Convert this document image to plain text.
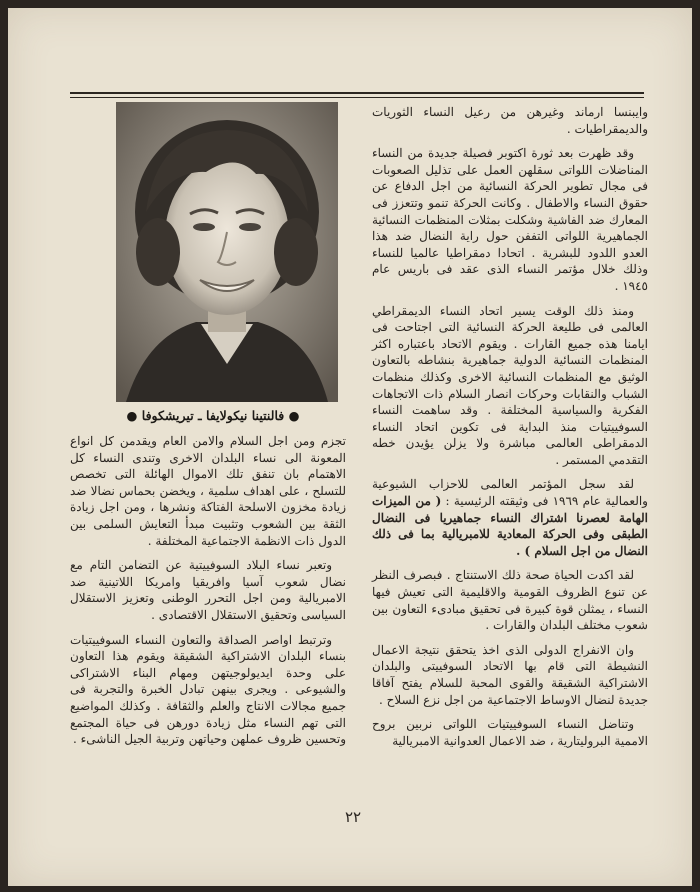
● فالنتينا نيكولايفا ـ تيريشكوفا ●

وايبنسا ارماند وغيرهن من رعيل النساء الثوريات والديمقراطيات .

وقد ظهرت بعد ثورة اكتوبر فصيلة جديدة من النساء المناضلات اللواتى سقلهن العمل على تذليل الصعوبات فى مجال تطوير الحركة النسائية من اجل الدفاع عن حقوق النساء والاطفال . وكانت الحركة تنمو وتتعزز فى المعارك ضد الفاشية وشكلت بمثلات المنظمات النسائية الجماهيرية اللواتى التففن حول راية النضال ضد هذا العدو اللدود للبشرية . اتحادا دمقراطيا عالميا للنساء وذلك خلال مؤتمر النساء الذى عقد فى باريس عام ١٩٤٥ .

ومنذ ذلك الوقت يسير اتحاد النساء الديمقراطي العالمى فى طليعة الحركة النسائية التى اجتاحت فى ايامنا هذه جميع القارات . ويقوم الاتحاد باعتباره اكثر المنظمات النسائية الدولية جماهيرية بنشاطه بالتعاون الوثيق مع المنظمات النسائية الاخرى وكذلك منظمات الشباب والنقابات وحركات انصار السلام ذات الاتجاهات الفكرية والسياسية المختلفة . وقد ساهمت النساء السوفييتيات منذ البداية فى تكوين اتحاد النساء الدمقراطى العالمى مباشرة ولا يزلن يؤيدن خطه التقدمي المستمر .

لقد سجل المؤتمر العالمى للاحزاب الشيوعية والعمالية عام ١٩٦٩ فى وثيقته الرئيسية : ( من الميزات الهامة لعصرنا اشتراك النساء جماهيريا فى النضال الطبقى وفى الحركة المعادية للامبريالية بما فى ذلك النضال من اجل السلام ) .

لقد اكدت الحياة صحة ذلك الاستنتاج . فبصرف النظر عن تنوع الظروف القومية والاقليمية التى تعيش فيها النساء ، يمثلن قوة كبيرة فى تحقيق مبادىء التعاون بين شعوب مختلف البلدان والقارات .

وان الانفراج الدولى الذى اخذ يتحقق نتيجة الاعمال النشيطة التى قام بها الاتحاد السوفييتى والبلدان الاشتراكية الشقيقة والقوى المحبة للسلام يفتح آفاقا جديدة لنضال الاوساط الاجتماعية من اجل نزع السلاح .

وتناضل النساء السوفييتيات اللواتى نربين بروح الاممية البروليتارية ، ضد الاعمال العدوانية الامبريالية

تجزم ومن اجل السلام والامن العام ويقدمن كل انواع المعونة الى نساء البلدان الاخرى وتندى النساء كل الاهتمام بان تنفق تلك الاموال الهائلة التى تخصص للتسلح ، على اهداف سلمية ، ويخضن بحماس نضالا ضد زيادة مخزون الاسلحة الفتاكة ونشرها ، ومن اجل زيادة الثقة بين الشعوب وتثبيت مبدأ التعايش السلمى بين الدول ذات الانظمة الاجتماعية المختلفة .

وتعبر نساء البلاد السوفييتية عن التضامن التام مع نضال شعوب آسيا وافريقيا وامريكا اللاتينية ضد الامبريالية ومن اجل التحرر الوطنى وتعزيز الاستقلال السياسى وتحقيق الاستقلال الاقتصادى .

وترتبط اواصر الصداقة والتعاون النساء السوفييتيات بنساء البلدان الاشتراكية الشقيقة ويقوم هذا التعاون على وحدة ايديولوجيتهن ومهام البناء الاشتراكى والشيوعى . ويجرى بينهن تبادل الخبرة والتجربة فى جميع مجالات الانتاج والعلم والثقافة . وكذلك المواضيع التى تهم النساء مثل زيادة دورهن فى حياة المجتمع وتحسين ظروف عملهن وحياتهن وتربية الجيل الناشىء .

٢٢
